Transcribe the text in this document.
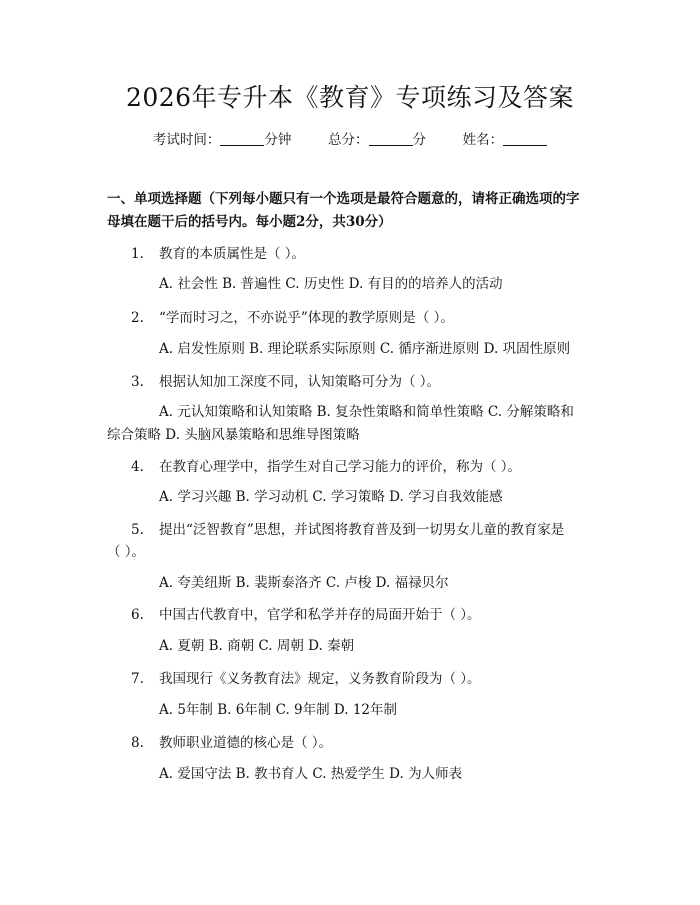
2026年专升本《教育》专项练习及答案
考试时间：	分钟	总分：	分	姓名：
一、单项选择题（下列每小题只有一个选项是最符合题意的，请将正确选项的字
母填在题干后的括号内。每小题2分，共30分）
1. 教育的本质属性是（ ）。
A. 社会性 B. 普遍性 C. 历史性 D. 有目的的培养人的活动
2. “学而时习之，不亦说乎”体现的教学原则是（ ）。
A. 启发性原则 B. 理论联系实际原则 C. 循序渐进原则 D. 巩固性原则
3. 根据认知加工深度不同，认知策略可分为（ ）。
A. 元认知策略和认知策略 B. 复杂性策略和简单性策略 C. 分解策略和
综合策略 D. 头脑风暴策略和思维导图策略
4. 在教育心理学中，指学生对自己学习能力的评价，称为（ ）。
A. 学习兴趣 B. 学习动机 C. 学习策略 D. 学习自我效能感
5. 提出“泛智教育”思想，并试图将教育普及到一切男女儿童的教育家是
（ ）。
A. 夸美纽斯 B. 裴斯泰洛齐 C. 卢梭 D. 福禄贝尔
6. 中国古代教育中，官学和私学并存的局面开始于（ ）。
A. 夏朝 B. 商朝 C. 周朝 D. 秦朝
7. 我国现行《义务教育法》规定，义务教育阶段为（ ）。
A. 5年制 B. 6年制 C. 9年制 D. 12年制
8. 教师职业道德的核心是（ ）。
A. 爱国守法 B. 教书育人 C. 热爱学生 D. 为人师表
